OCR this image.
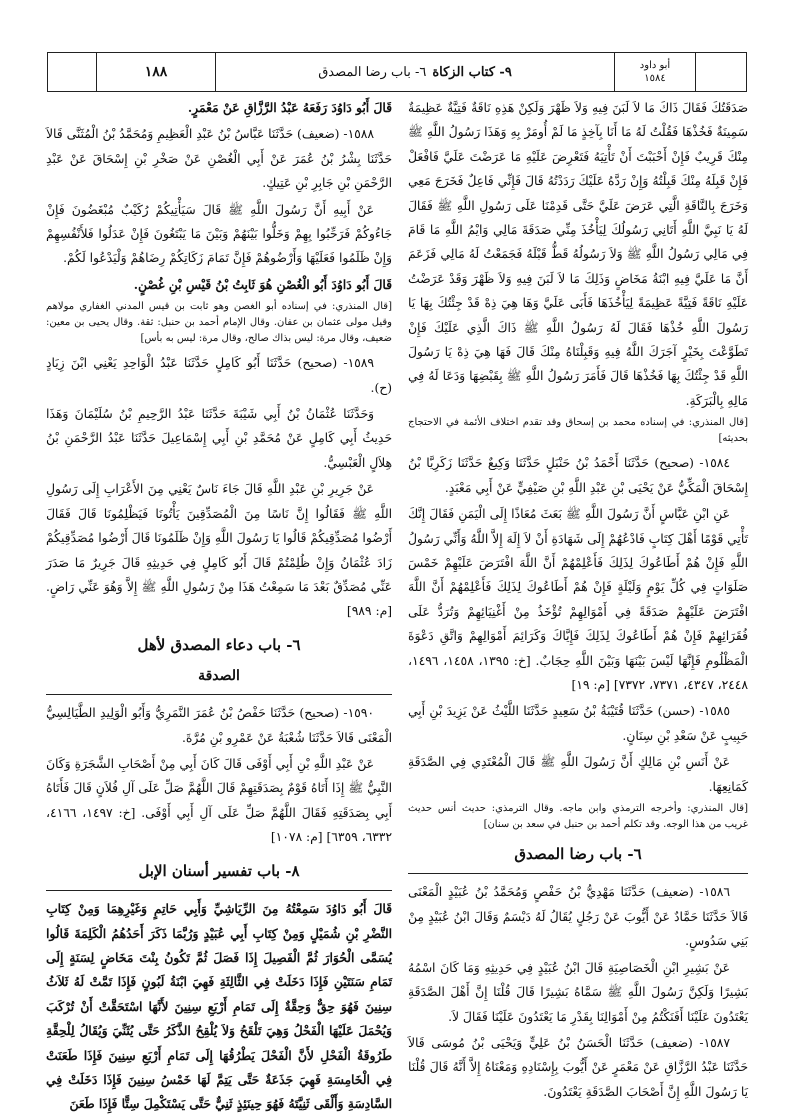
١٨٨	٩- كتاب الزكاة
٦- باب رضا المصدق	أبو داود
١٥٨٤

صَدَقَتُكَ فَقَالَ ذَاكَ مَا لاَ لَبَنَ فِيهِ وَلاَ ظَهْرَ وَلَكِنْ هَذِهِ نَاقَةٌ فَتِيَّةٌ عَظِيمَةٌ سَمِينَةٌ فَخُذْهَا فَقُلْتُ لَهُ مَا أَنَا بِآخِذٍ مَا لَمْ أُومَرْ بِهِ وَهَذَا رَسُولُ اللَّهِ ﷺ مِنْكَ قَرِيبٌ فَإِنْ أَحْبَبْتَ أَنْ تَأْتِيَهُ فَتَعْرِضَ عَلَيْهِ مَا عَرَضْتَ عَلَيَّ فَافْعَلْ فَإِنْ قَبِلَهُ مِنْكَ قَبِلْتُهُ وَإِنْ رَدَّهُ عَلَيْكَ رَدَدْتُهُ قَالَ فَإِنِّي فَاعِلٌ فَخَرَجَ مَعِي وَخَرَجَ بِالنَّاقَةِ الَّتِي عَرَضَ عَلَيَّ حَتَّى قَدِمْنَا عَلَى رَسُولِ اللَّهِ ﷺ فَقَالَ لَهُ يَا نَبِيَّ اللَّهِ أَتَانِي رَسُولُكَ لِيَأْخُذَ مِنِّي صَدَقَةَ مَالِي وَايْمُ اللَّهِ مَا قَامَ فِي مَالِي رَسُولُ اللَّهِ ﷺ وَلاَ رَسُولُهُ قَطُّ قَبْلَهُ فَجَمَعْتُ لَهُ مَالِي فَزَعَمَ أَنَّ مَا عَلَيَّ فِيهِ ابْنَةُ مَخَاضٍ وَذَلِكَ مَا لاَ لَبَنَ فِيهِ وَلاَ ظَهْرَ وَقَدْ عَرَضْتُ عَلَيْهِ نَاقَةً فَتِيَّةً عَظِيمَةً لِيَأْخُذَهَا فَأَبَى عَلَيَّ وَهَا هِيَ ذِهْ قَدْ جِئْتُكَ بِهَا يَا رَسُولَ اللَّهِ خُذْهَا فَقَالَ لَهُ رَسُولُ اللَّهِ ﷺ ذَاكَ الَّذِي عَلَيْكَ فَإِنْ تَطَوَّعْتَ بِخَيْرٍ آجَرَكَ اللَّهُ فِيهِ وَقَبِلْنَاهُ مِنْكَ قَالَ فَهَا هِيَ ذِهْ يَا رَسُولَ اللَّهِ قَدْ جِئْتُكَ بِهَا فَخُذْهَا قَالَ فَأَمَرَ رَسُولُ اللَّهِ ﷺ بِقَبْضِهَا وَدَعَا لَهُ فِي مَالِهِ بِالْبَرَكَةِ.

[قال المنذري: في إسناده محمد بن إسحاق وقد تقدم اختلاف الأئمة في الاحتجاج بحديثه]

١٥٨٤- (صحيح) حَدَّثَنَا أَحْمَدُ بْنُ حَنْبَلٍ حَدَّثَنَا وَكِيعٌ حَدَّثَنَا زَكَرِيَّا بْنُ إِسْحَاقَ الْمَكِّيُّ عَنْ يَحْيَى بْنِ عَبْدِ اللَّهِ بْنِ صَيْفِيٍّ عَنْ أَبِي مَعْبَدٍ.

عَنِ ابْنِ عَبَّاسٍ أَنَّ رَسُولَ اللَّهِ ﷺ بَعَثَ مُعَاذًا إِلَى الْيَمَنِ فَقَالَ إِنَّكَ تَأْتِي قَوْمًا أَهْلَ كِتَابٍ فَادْعُهُمْ إِلَى شَهَادَةِ أَنْ لاَ إِلَهَ إِلاَّ اللَّهُ وَأَنِّي رَسُولُ اللَّهِ فَإِنْ هُمْ أَطَاعُوكَ لِذَلِكَ فَأَعْلِمْهُمْ أَنَّ اللَّهَ افْتَرَضَ عَلَيْهِمْ خَمْسَ صَلَوَاتٍ فِي كُلِّ يَوْمٍ وَلَيْلَةٍ فَإِنْ هُمْ أَطَاعُوكَ لِذَلِكَ فَأَعْلِمْهُمْ أَنَّ اللَّهَ افْتَرَضَ عَلَيْهِمْ صَدَقَةً فِي أَمْوَالِهِمْ تُؤْخَذُ مِنْ أَغْنِيَائِهِمْ وَتُرَدُّ عَلَى فُقَرَائِهِمْ فَإِنْ هُمْ أَطَاعُوكَ لِذَلِكَ فَإِيَّاكَ وَكَرَائِمَ أَمْوَالِهِمْ وَاتَّقِ دَعْوَةَ الْمَظْلُومِ فَإِنَّهَا لَيْسَ بَيْنَهَا وَبَيْنَ اللَّهِ حِجَابٌ. [خ: ١٣٩٥، ١٤٥٨، ١٤٩٦، ٢٤٤٨، ٤٣٤٧، ٧٣٧١، ٧٣٧٢] [م: ١٩]

١٥٨٥- (حسن) حَدَّثَنَا قُتَيْبَةُ بْنُ سَعِيدٍ حَدَّثَنَا اللَّيْثُ عَنْ يَزِيدَ بْنِ أَبِي حَبِيبٍ عَنْ سَعْدِ بْنِ سِنَانٍ.

عَنْ أَنَسِ بْنِ مَالِكٍ أَنَّ رَسُولَ اللَّهِ ﷺ قَالَ الْمُعْتَدِي فِي الصَّدَقَةِ كَمَانِعِهَا.

[قال المنذري: وأخرجه الترمذي وابن ماجه. وقال الترمذي: حديث أنس حديث غريب من هذا الوجه. وقد تكلم أحمد بن حنبل في سعد بن سنان]

٦- باب رضا المصدق

١٥٨٦- (ضعيف) حَدَّثَنَا مَهْدِيُّ بْنُ حَفْصٍ وَمُحَمَّدُ بْنُ عُبَيْدٍ الْمَعْنَى قَالاَ حَدَّثَنَا حَمَّادٌ عَنْ أَيُّوبَ عَنْ رَجُلٍ يُقَالُ لَهُ دَيْسَمٌ وَقَالَ ابْنُ عُبَيْدٍ مِنْ بَنِي سَدُوسٍ.

عَنْ بَشِيرِ ابْنِ الْخَصَاصِيَةِ قَالَ ابْنُ عُبَيْدٍ فِي حَدِيثِهِ وَمَا كَانَ اسْمُهُ بَشِيرًا وَلَكِنَّ رَسُولَ اللَّهِ ﷺ سَمَّاهُ بَشِيرًا قَالَ قُلْنَا إِنَّ أَهْلَ الصَّدَقَةِ يَعْتَدُونَ عَلَيْنَا أَفَنَكْتُمُ مِنْ أَمْوَالِنَا بِقَدْرِ مَا يَعْتَدُونَ عَلَيْنَا فَقَالَ لاَ.

١٥٨٧- (ضعيف) حَدَّثَنَا الْحَسَنُ بْنُ عَلِيٍّ وَيَحْيَى بْنُ مُوسَى قَالاَ حَدَّثَنَا عَبْدُ الرَّزَّاقِ عَنْ مَعْمَرٍ عَنْ أَيُّوبَ بِإِسْنَادِهِ وَمَعْنَاهُ إِلاَّ أَنَّهُ قَالَ قُلْنَا يَا رَسُولَ اللَّهِ إِنَّ أَصْحَابَ الصَّدَقَةِ يَعْتَدُونَ.

قَالَ أَبُو دَاوُدَ رَفَعَهُ عَبْدُ الرَّزَّاقِ عَنْ مَعْمَرٍ.

١٥٨٨- (ضعيف) حَدَّثَنَا عَبَّاسُ بْنُ عَبْدِ الْعَظِيمِ وَمُحَمَّدُ بْنُ الْمُثَنَّى قَالاَ حَدَّثَنَا بِشْرُ بْنُ عُمَرَ عَنْ أَبِي الْغُصْنِ عَنْ صَخْرِ بْنِ إِسْحَاقَ عَنْ عَبْدِ الرَّحْمَنِ بْنِ جَابِرِ بْنِ عَتِيكٍ.

عَنْ أَبِيهِ أَنَّ رَسُولَ اللَّهِ ﷺ قَالَ سَيَأْتِيكُمْ رُكَيْبٌ مُبْغَضُونَ فَإِنْ جَاءُوكُمْ فَرَحِّبُوا بِهِمْ وَخَلُّوا بَيْنَهُمْ وَبَيْنَ مَا يَبْتَغُونَ فَإِنْ عَدَلُوا فَلأَنْفُسِهِمْ وَإِنْ ظَلَمُوا فَعَلَيْهَا وَأَرْضُوهُمْ فَإِنَّ تَمَامَ زَكَاتِكُمْ رِضَاهُمْ وَلْيَدْعُوا لَكُمْ.

قَالَ أَبُو دَاوُدَ أَبُو الْغُصْنِ هُوَ ثَابِتُ بْنُ قَيْسِ بْنِ غُصْنٍ.

[قال المنذري: في إسناده أبو الغصن وهو ثابت بن قيس المدني الغفاري مولاهم وقيل مولى عثمان بن عفان. وقال الإمام أحمد بن حنبل: ثقة. وقال يحيى بن معين: ضعيف، وقال مرة: ليس بذاك صالح، وقال مرة: ليس به بأس]

١٥٨٩- (صحيح) حَدَّثَنَا أَبُو كَامِلٍ حَدَّثَنَا عَبْدُ الْوَاحِدِ يَعْنِي ابْنَ زِيَادٍ (ح).

وَحَدَّثَنَا عُثْمَانُ بْنُ أَبِي شَيْبَةَ حَدَّثَنَا عَبْدُ الرَّحِيمِ بْنُ سُلَيْمَانَ وَهَذَا حَدِيثُ أَبِي كَامِلٍ عَنْ مُحَمَّدِ بْنِ أَبِي إِسْمَاعِيلَ حَدَّثَنَا عَبْدُ الرَّحْمَنِ بْنُ هِلاَلٍ الْعَبْسِيُّ.

عَنْ جَرِيرِ بْنِ عَبْدِ اللَّهِ قَالَ جَاءَ نَاسٌ يَعْنِي مِنَ الأَعْرَابِ إِلَى رَسُولِ اللَّهِ ﷺ فَقَالُوا إِنَّ نَاسًا مِنَ الْمُصَدِّقِينَ يَأْتُونَا فَيَظْلِمُونَا قَالَ فَقَالَ أَرْضُوا مُصَدِّقِيكُمْ قَالُوا يَا رَسُولَ اللَّهِ وَإِنْ ظَلَمُونَا قَالَ أَرْضُوا مُصَدِّقِيكُمْ زَادَ عُثْمَانُ وَإِنْ ظُلِمْتُمْ قَالَ أَبُو كَامِلٍ فِي حَدِيثِهِ قَالَ جَرِيرٌ مَا صَدَرَ عَنِّي مُصَدِّقٌ بَعْدَ مَا سَمِعْتُ هَذَا مِنْ رَسُولِ اللَّهِ ﷺ إِلاَّ وَهُوَ عَنِّي رَاضٍ. [م: ٩٨٩]

٦- باب دعاء المصدق لأهل
الصدقة

١٥٩٠- (صحيح) حَدَّثَنَا حَفْصُ بْنُ عُمَرَ النَّمَرِيُّ وَأَبُو الْوَلِيدِ الطَّيَالِسِيُّ الْمَعْنَى قَالاَ حَدَّثَنَا شُعْبَةُ عَنْ عَمْرِو بْنِ مُرَّةَ.

عَنْ عَبْدِ اللَّهِ بْنِ أَبِي أَوْفَى قَالَ كَانَ أَبِي مِنْ أَصْحَابِ الشَّجَرَةِ وَكَانَ النَّبِيُّ ﷺ إِذَا أَتَاهُ قَوْمٌ بِصَدَقَتِهِمْ قَالَ اللَّهُمَّ صَلِّ عَلَى آلِ فُلاَنٍ قَالَ فَأَتَاهُ أَبِي بِصَدَقَتِهِ فَقَالَ اللَّهُمَّ صَلِّ عَلَى آلِ أَبِي أَوْفَى. [خ: ١٤٩٧، ٤١٦٦، ٦٣٣٢، ٦٣٥٩] [م: ١٠٧٨]

٨- باب تفسير أسنان الإبل

قَالَ أَبُو دَاوُدَ سَمِعْتُهُ مِنَ الرِّيَاشِيِّ وَأَبِي حَاتِمٍ وَغَيْرِهِمَا وَمِنْ كِتَابِ النَّضْرِ بْنِ شُمَيْلٍ وَمِنْ كِتَابِ أَبِي عُبَيْدٍ وَرُبَّمَا ذَكَرَ أَحَدُهُمُ الْكَلِمَةَ قَالُوا يُسَمَّى الْحُوَارَ ثُمَّ الْفَصِيلَ إِذَا فَصَلَ ثُمَّ تَكُونُ بِنْتَ مَخَاضٍ لِسَنَةٍ إِلَى تَمَامِ سَنَتَيْنِ فَإِذَا دَخَلَتْ فِي الثَّالِثَةِ فَهِيَ ابْنَةُ لَبُونٍ فَإِذَا تَمَّتْ لَهُ ثَلاَثُ سِنِينَ فَهُوَ حِقٌّ وَحِقَّةٌ إِلَى تَمَامِ أَرْبَعِ سِنِينَ لأَنَّهَا اسْتَحَقَّتْ أَنْ تُرْكَبَ وَيُحْمَلَ عَلَيْهَا الْفَحْلُ وَهِيَ تَلْقَحُ وَلاَ يُلْقِحُ الذَّكَرُ حَتَّى يُثَنِّيَ وَيُقَالُ لِلْحِقَّةِ طَرُوقَةُ الْفَحْلِ لأَنَّ الْفَحْلَ يَطْرُقُهَا إِلَى تَمَامِ أَرْبَعِ سِنِينَ فَإِذَا طَعَنَتْ فِي الْخَامِسَةِ فَهِيَ جَذَعَةٌ حَتَّى يَتِمَّ لَهَا خَمْسُ سِنِينَ فَإِذَا دَخَلَتْ فِي السَّادِسَةِ وَأَلْقَى ثَنِيَّتَهُ فَهُوَ حِينَئِذٍ ثَنِيٌّ حَتَّى يَسْتَكْمِلَ سِتًّا فَإِذَا طَعَنَ
